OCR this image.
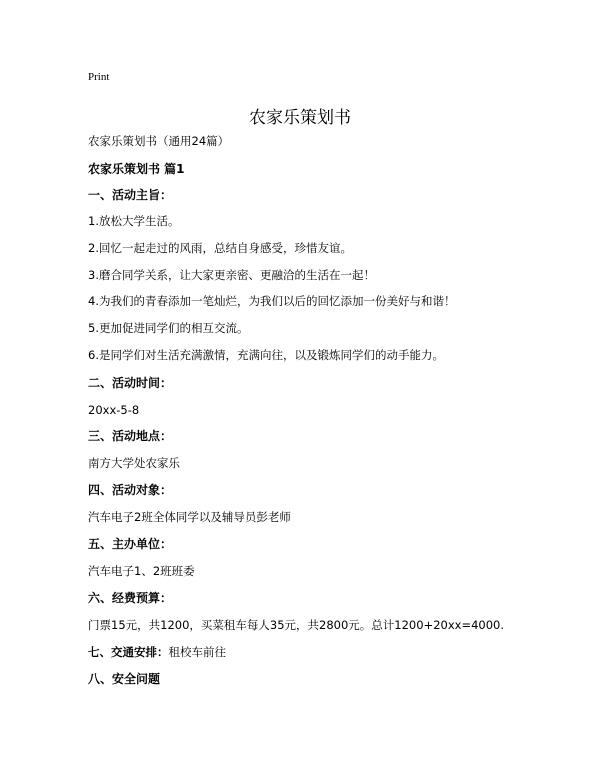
Print
农家乐策划书
农家乐策划书（通用24篇）
农家乐策划书 篇1
一、活动主旨：
1.放松大学生活。
2.回忆一起走过的风雨，总结自身感受，珍惜友谊。
3.磨合同学关系，让大家更亲密、更融洽的生活在一起！
4.为我们的青春添加一笔灿烂，为我们以后的回忆添加一份美好与和谐！
5.更加促进同学们的相互交流。
6.是同学们对生活充满激情，充满向往，以及锻炼同学们的动手能力。
二、活动时间：
20xx-5-8
三、活动地点：
南方大学处农家乐
四、活动对象：
汽车电子2班全体同学以及辅导员彭老师
五、主办单位：
汽车电子1、2班班委
六、经费预算：
门票15元，共1200，买菜租车每人35元，共2800元。总计1200+20xx=4000.
七、交通安排：租校车前往
八、安全问题
